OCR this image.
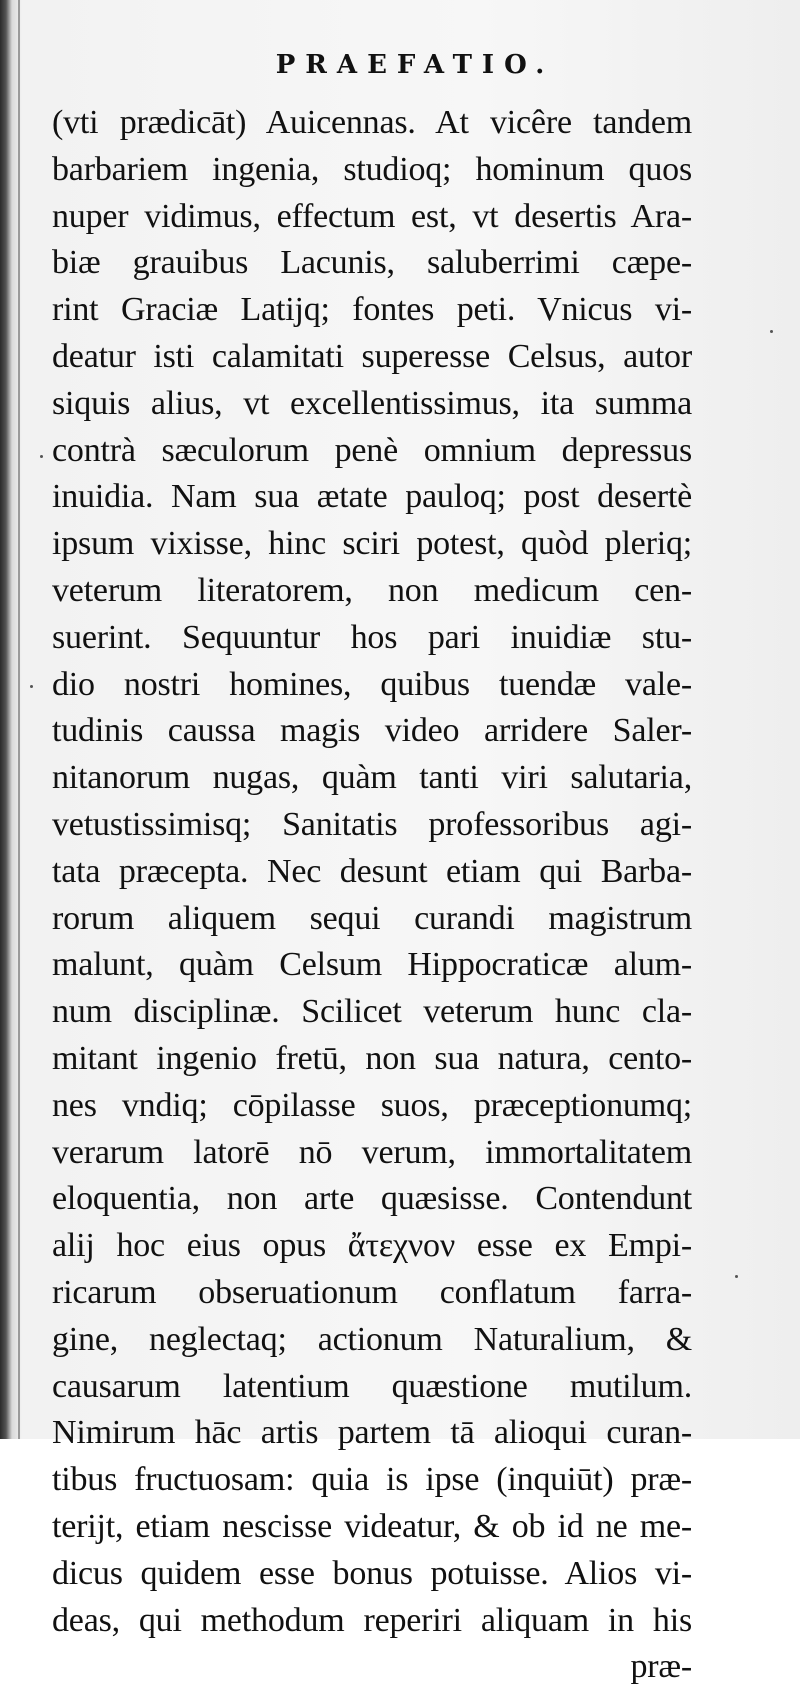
PRAEFATIO.
(vti prædicāt) Auicennas. At vicêre tandem
barbariem ingenia, studioq; hominum quos
nuper vidimus, effectum est, vt desertis Ara-
biæ grauibus Lacunis, saluberrimi cæpe-
rint Graciæ Latijq; fontes peti. Vnicus vi-
deatur isti calamitati superesse Celsus, autor
siquis alius, vt excellentissimus, ita summa
contrà sæculorum penè omnium depressus
inuidia. Nam sua ætate pauloq; post desertè
ipsum vixisse, hinc sciri potest, quòd pleriq;
veterum literatorem, non medicum cen-
suerint. Sequuntur hos pari inuidiæ stu-
dio nostri homines, quibus tuendæ vale-
tudinis caussa magis video arridere Saler-
nitanorum nugas, quàm tanti viri salutaria,
vetustissimisq; Sanitatis professoribus agi-
tata præcepta. Nec desunt etiam qui Barba-
rorum aliquem sequi curandi magistrum
malunt, quàm Celsum Hippocraticæ alum-
num disciplinæ. Scilicet veterum hunc cla-
mitant ingenio fretū, non sua natura, cento-
nes vndiq; cōpilasse suos, præceptionumq;
verarum latorē nō verum, immortalitatem
eloquentia, non arte quæsisse. Contendunt
alij hoc eius opus ἄτεχνον esse ex Empi-
ricarum obseruationum conflatum farra-
gine, neglectaq; actionum Naturalium, &
causarum latentium quæstione mutilum.
Nimirum hāc artis partem tā alioqui curan-
tibus fructuosam: quia is ipse (inquiūt) præ-
terijt, etiam nescisse videatur, & ob id ne me-
dicus quidem esse bonus potuisse. Alios vi-
deas, qui methodum reperiri aliquam in his
præ-
